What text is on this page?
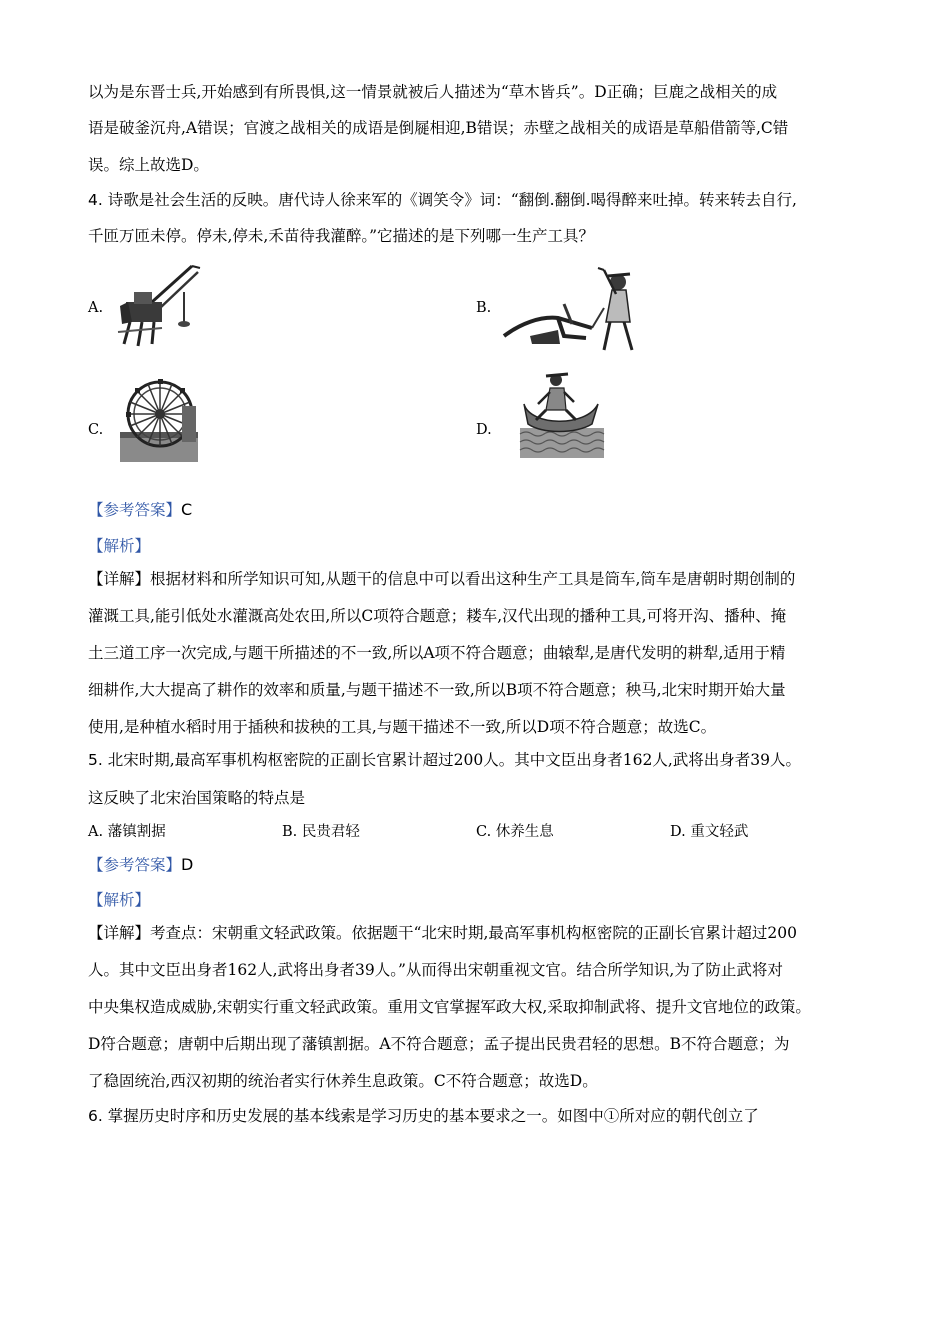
以为是东晋士兵,开始感到有所畏惧,这一情景就被后人描述为“草木皆兵”。D正确；巨鹿之战相关的成
语是破釜沉舟,A错误；官渡之战相关的成语是倒屣相迎,B错误；赤壁之战相关的成语是草船借箭等,C错
误。综上故选D。
4. 诗歌是社会生活的反映。唐代诗人徐来军的《调笑令》词：“翻倒.翻倒.喝得醉来吐掉。转来转去自行,
千匝万匝未停。停未,停未,禾苗待我灌醉。”它描述的是下列哪一生产工具？
A.	B.
C.	D.
【参考答案】C
【解析】
【详解】根据材料和所学知识可知,从题干的信息中可以看出这种生产工具是筒车,筒车是唐朝时期创制的
灌溉工具,能引低处水灌溉高处农田,所以C项符合题意；耧车,汉代出现的播种工具,可将开沟、播种、掩
土三道工序一次完成,与题干所描述的不一致,所以A项不符合题意；曲辕犁,是唐代发明的耕犁,适用于精
细耕作,大大提高了耕作的效率和质量,与题干描述不一致,所以B项不符合题意；秧马,北宋时期开始大量
使用,是种植水稻时用于插秧和拔秧的工具,与题干描述不一致,所以D项不符合题意；故选C。
5. 北宋时期,最高军事机构枢密院的正副长官累计超过200人。其中文臣出身者162人,武将出身者39人。
这反映了北宋治国策略的特点是
A. 藩镇割据	B. 民贵君轻	C. 休养生息	D. 重文轻武
【参考答案】D
【解析】
【详解】考查点：宋朝重文轻武政策。依据题干“北宋时期,最高军事机构枢密院的正副长官累计超过200
人。其中文臣出身者162人,武将出身者39人。”从而得出宋朝重视文官。结合所学知识,为了防止武将对
中央集权造成威胁,宋朝实行重文轻武政策。重用文官掌握军政大权,采取抑制武将、提升文官地位的政策。
D符合题意；唐朝中后期出现了藩镇割据。A不符合题意；孟子提出民贵君轻的思想。B不符合题意；为
了稳固统治,西汉初期的统治者实行休养生息政策。C不符合题意；故选D。
6. 掌握历史时序和历史发展的基本线索是学习历史的基本要求之一。如图中①所对应的朝代创立了
